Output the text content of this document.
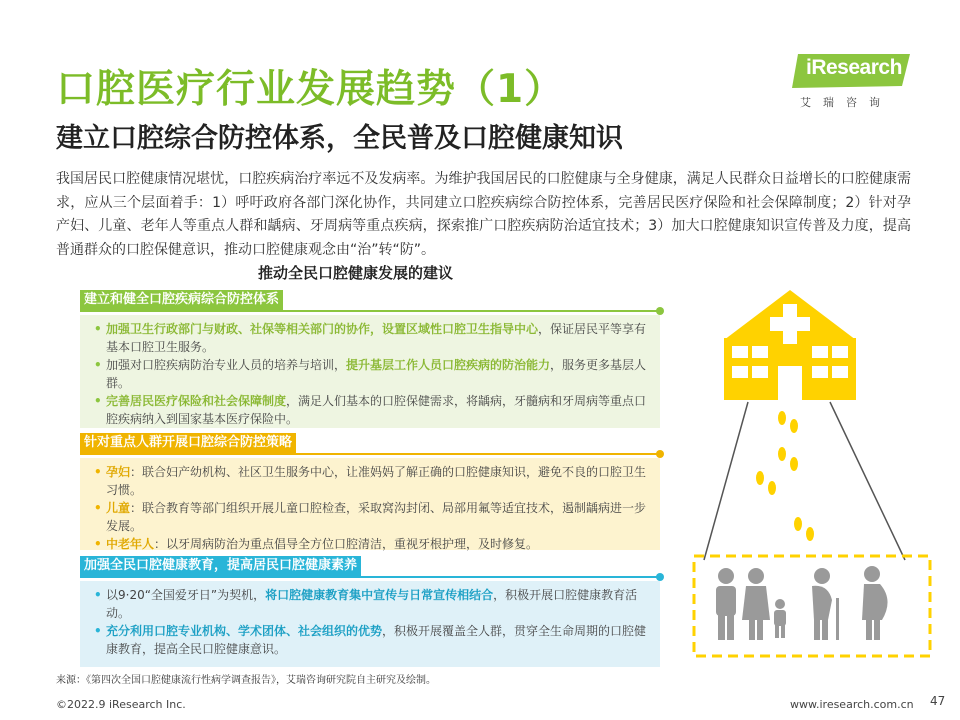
口腔医疗行业发展趋势（1）
建立口腔综合防控体系，全民普及口腔健康知识
iResearch
艾瑞咨询
我国居民口腔健康情况堪忧，口腔疾病治疗率远不及发病率。为维护我国居民的口腔健康与全身健康，满足人民群众日益增长的口腔健康需求，应从三个层面着手：1）呼吁政府各部门深化协作，共同建立口腔疾病综合防控体系，完善居民医疗保险和社会保障制度；2）针对孕产妇、儿童、老年人等重点人群和龋病、牙周病等重点疾病，探索推广口腔疾病防治适宜技术；3）加大口腔健康知识宣传普及力度，提高普通群众的口腔保健意识，推动口腔健康观念由“治”转“防”。
推动全民口腔健康发展的建议
建立和健全口腔疾病综合防控体系
• 加强卫生行政部门与财政、社保等相关部门的协作，设置区域性口腔卫生指导中心，保证居民平等享有基本口腔卫生服务。
• 加强对口腔疾病防治专业人员的培养与培训，提升基层工作人员口腔疾病的防治能力，服务更多基层人群。
• 完善居民医疗保险和社会保障制度，满足人们基本的口腔保健需求，将龋病，牙髓病和牙周病等重点口腔疾病纳入到国家基本医疗保险中。
针对重点人群开展口腔综合防控策略
• 孕妇：联合妇产幼机构、社区卫生服务中心，让准妈妈了解正确的口腔健康知识，避免不良的口腔卫生习惯。
• 儿童：联合教育等部门组织开展儿童口腔检查，采取窝沟封闭、局部用氟等适宜技术，遏制龋病进一步发展。
• 中老年人：以牙周病防治为重点倡导全方位口腔清洁，重视牙根护理，及时修复。
加强全民口腔健康教育，提高居民口腔健康素养
• 以9·20“全国爱牙日”为契机，将口腔健康教育集中宣传与日常宣传相结合，积极开展口腔健康教育活动。
• 充分利用口腔专业机构、学术团体、社会组织的优势，积极开展覆盖全人群，贯穿全生命周期的口腔健康教育，提高全民口腔健康意识。
来源：《第四次全国口腔健康流行性病学调查报告》，艾瑞咨询研究院自主研究及绘制。
©2022.9 iResearch Inc.	www.iresearch.com.cn 47
